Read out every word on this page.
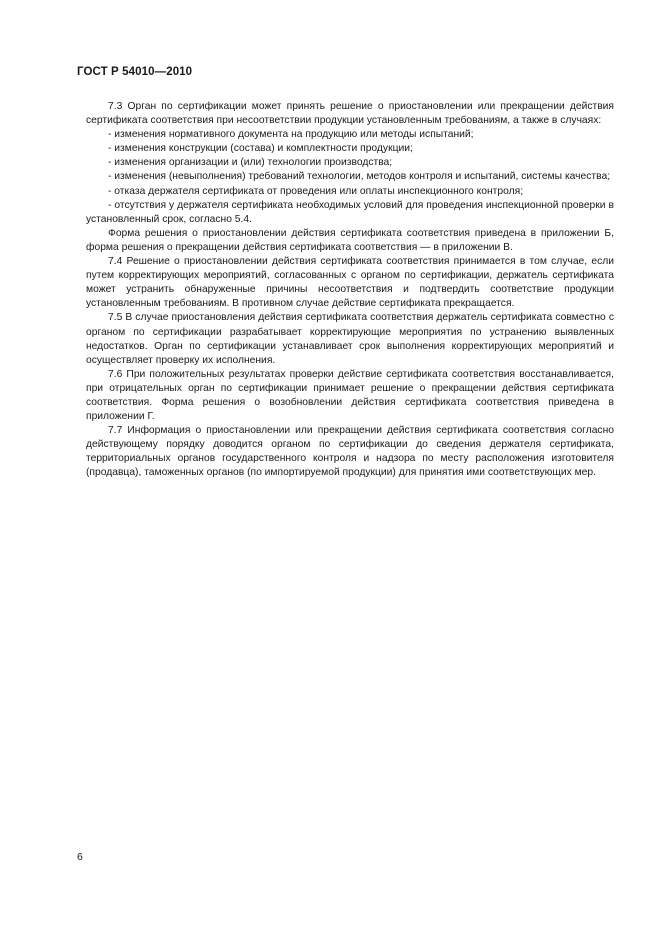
ГОСТ Р 54010—2010

7.3 Орган по сертификации может принять решение о приостановлении или прекращении действия сертификата соответствия при несоответствии продукции установленным требованиям, а также в случаях:

- изменения нормативного документа на продукцию или методы испытаний;

- изменения конструкции (состава) и комплектности продукции;

- изменения организации и (или) технологии производства;

- изменения (невыполнения) требований технологии, методов контроля и испытаний, системы качества;

- отказа держателя сертификата от проведения или оплаты инспекционного контроля;

- отсутствия у держателя сертификата необходимых условий для проведения инспекционной проверки в установленный срок, согласно 5.4.

Форма решения о приостановлении действия сертификата соответствия приведена в приложении Б, форма решения о прекращении действия сертификата соответствия — в приложении В.

7.4 Решение о приостановлении действия сертификата соответствия принимается в том случае, если путем корректирующих мероприятий, согласованных с органом по сертификации, держатель сертификата может устранить обнаруженные причины несоответствия и подтвердить соответствие продукции установленным требованиям. В противном случае действие сертификата прекращается.

7.5 В случае приостановления действия сертификата соответствия держатель сертификата совместно с органом по сертификации разрабатывает корректирующие мероприятия по устранению выявленных недостатков. Орган по сертификации устанавливает срок выполнения корректирующих мероприятий и осуществляет проверку их исполнения.

7.6 При положительных результатах проверки действие сертификата соответствия восстанавливается, при отрицательных орган по сертификации принимает решение о прекращении действия сертификата соответствия. Форма решения о возобновлении действия сертификата соответствия приведена в приложении Г.

7.7 Информация о приостановлении или прекращении действия сертификата соответствия согласно действующему порядку доводится органом по сертификации до сведения держателя сертификата, территориальных органов государственного контроля и надзора по месту расположения изготовителя (продавца), таможенных органов (по импортируемой продукции) для принятия ими соответствующих мер.

6
